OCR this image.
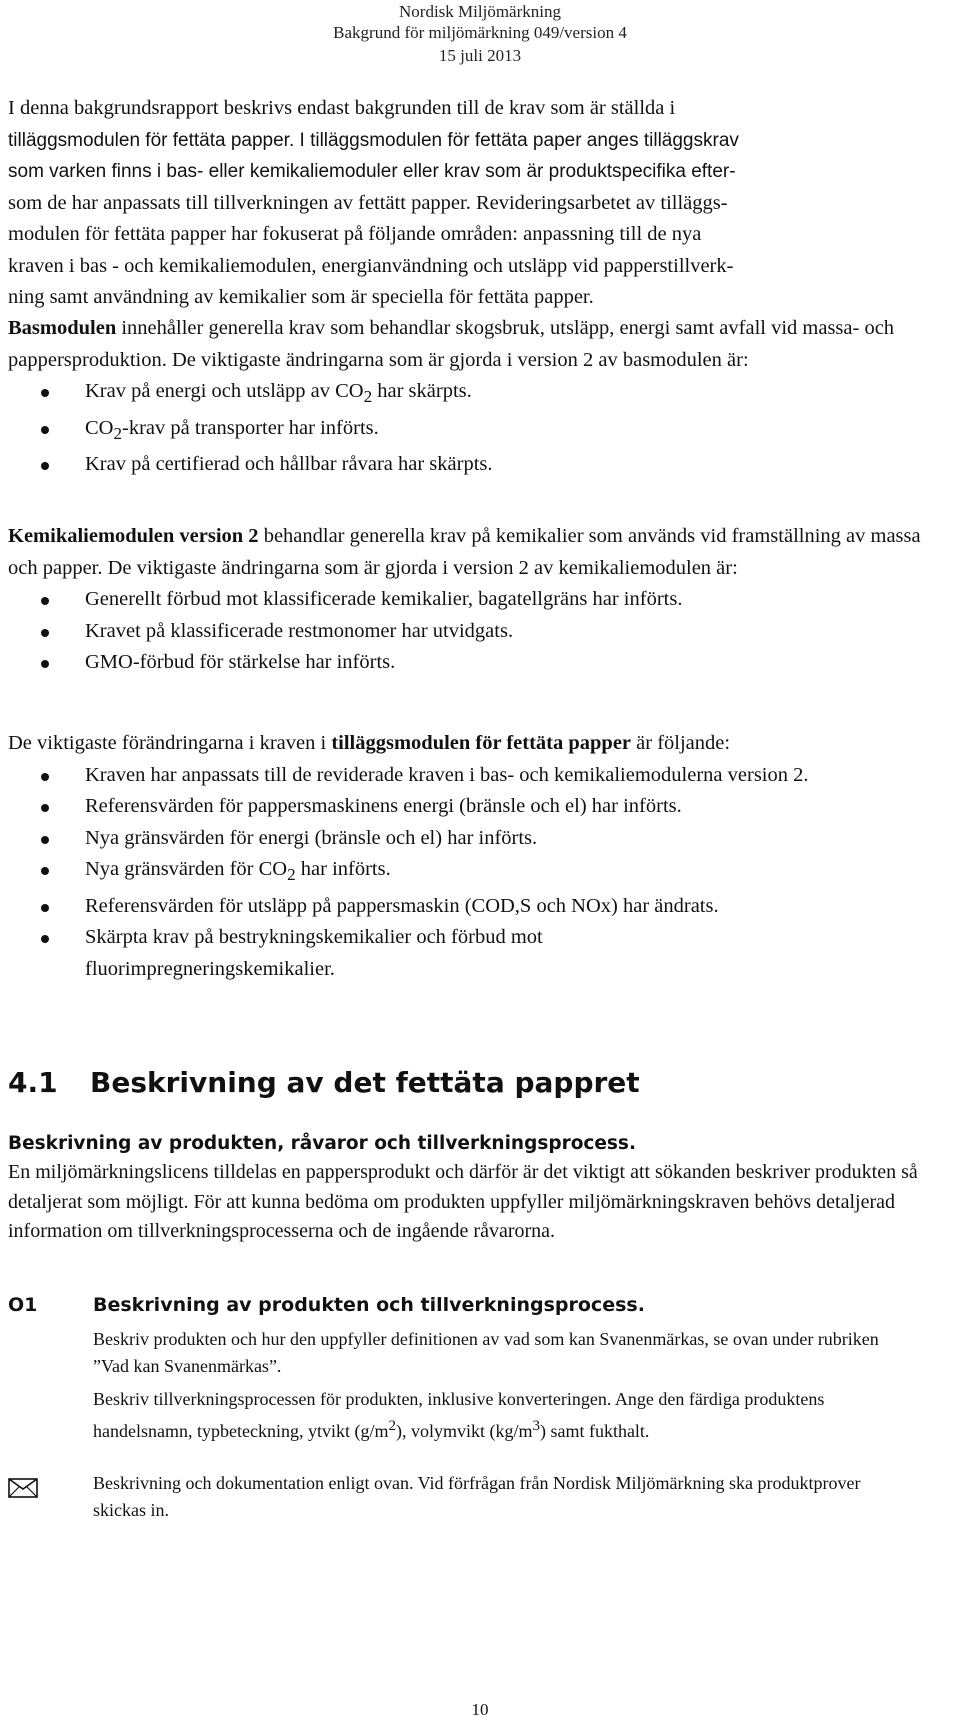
Nordisk Miljömärkning
Bakgrund för miljömärkning 049/version 4
15 juli 2013
I denna bakgrundsrapport beskrivs endast bakgrunden till de krav som är ställda i
tilläggsmodulen för fettäta papper. I tilläggsmodulen för fettäta paper anges tilläggskrav
som varken finns i bas- eller kemikaliemoduler eller krav som är produktspecifika efter-
som de har anpassats till tillverkningen av fettätt papper. Revideringsarbetet av tilläggs-
modulen för fettäta papper har fokuserat på följande områden: anpassning till de nya
kraven i bas - och kemikaliemodulen, energianvändning och utsläpp vid papperstillverk-
ning samt användning av kemikalier som är speciella för fettäta papper.

Basmodulen innehåller generella krav som behandlar skogsbruk, utsläpp, energi samt avfall vid massa- och pappersproduktion. De viktigaste ändringarna som är gjorda i version 2 av basmodulen är:

Krav på energi och utsläpp av $CO_2$ har skärpts.
$CO_2$-krav på transporter har införts.
Krav på certifierad och hållbar råvara har skärpts.

Kemikaliemodulen version 2 behandlar generella krav på kemikalier som används vid framställning av massa och papper. De viktigaste ändringarna som är gjorda i version 2 av kemikaliemodulen är:

Generellt förbud mot klassificerade kemikalier, bagatellgräns har införts.
Kravet på klassificerade restmonomer har utvidgats.
GMO-förbud för stärkelse har införts.

De viktigaste förändringarna i kraven i tilläggsmodulen för fettäta papper är följande:

Kraven har anpassats till de reviderade kraven i bas- och kemikaliemodulerna version 2.
Referensvärden för pappersmaskinens energi (bränsle och el) har införts.
Nya gränsvärden för energi (bränsle och el) har införts.
Nya gränsvärden för $CO_2$ har införts.
Referensvärden för utsläpp på pappersmaskin (COD,S och NOx) har ändrats.
Skärpta krav på bestrykningskemikalier och förbud mot fluorimpregneringskemikalier.
4.1 Beskrivning av det fettäta pappret
Beskrivning av produkten, råvaror och tillverkningsprocess.

En miljömärkningslicens tilldelas en pappersprodukt och därför är det viktigt att sökanden beskriver produkten så detaljerat som möjligt. För att kunna bedöma om produkten uppfyller miljömärkningskraven behövs detaljerad information om tillverkningsprocesserna och de ingående råvarorna.

O1	Beskrivning av produkten och tillverkningsprocess.
Beskriv produkten och hur den uppfyller definitionen av vad som kan Svanenmärkas, se ovan under rubriken ”Vad kan Svanenmärkas”.
Beskriv tillverkningsprocessen för produkten, inklusive konverteringen. Ange den färdiga produktens handelsnamn, typbeteckning, ytvikt $(g/m^2)$, volymvikt $(kg/m^3)$ samt fukthalt.
Beskrivning och dokumentation enligt ovan. Vid förfrågan från Nordisk Miljömärkning ska produktprover skickas in.
10
